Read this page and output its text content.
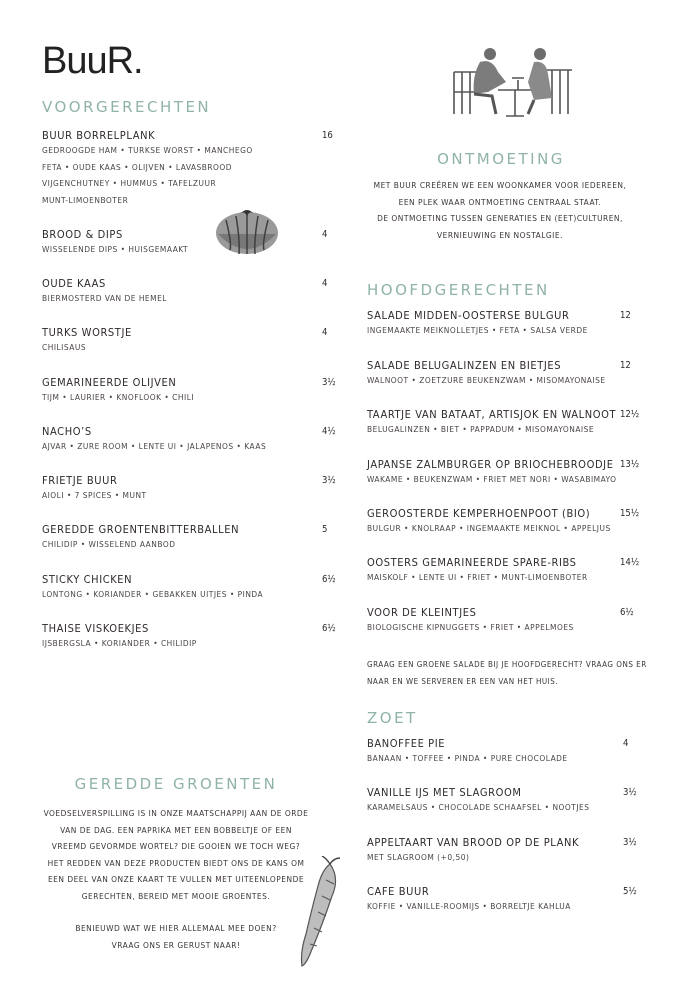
BuuR.
VOORGERECHTEN
BUUR BORRELPLANK	16
GEDROOGDE HAM • TURKSE WORST • MANCHEGO
FETA • OUDE KAAS • OLIJVEN • LAVASBROOD
VIJGENCHUTNEY • HUMMUS • TAFELZUUR
MUNT-LIMOENBOTER
BROOD & DIPS	4
WISSELENDE DIPS • HUISGEMAAKT
OUDE KAAS	4
BIERMOSTERD VAN DE HEMEL
TURKS WORSTJE	4
CHILISAUS
GEMARINEERDE OLIJVEN	3½
TIJM • LAURIER • KNOFLOOK • CHILI
NACHO’S	4½
AJVAR • ZURE ROOM • LENTE UI • JALAPENOS • KAAS
FRIETJE BUUR	3½
AIOLI • 7 SPICES • MUNT
GEREDDE GROENTENBITTERBALLEN	5
CHILIDIP • WISSELEND AANBOD
STICKY CHICKEN	6½
LONTONG • KORIANDER • GEBAKKEN UITJES • PINDA
THAISE VISKOEKJES	6½
IJSBERGSLA • KORIANDER • CHILIDIP
ONTMOETING
MET BUUR CREËREN WE EEN WOONKAMER VOOR IEDEREEN,
EEN PLEK WAAR ONTMOETING CENTRAAL STAAT.
DE ONTMOETING TUSSEN GENERATIES EN (EET)CULTUREN,
VERNIEUWING EN NOSTALGIE.
HOOFDGERECHTEN
SALADE MIDDEN-OOSTERSE BULGUR	12
INGEMAAKTE MEIKNOLLETJES • FETA • SALSA VERDE
SALADE BELUGALINZEN EN BIETJES	12
WALNOOT • ZOETZURE BEUKENZWAM • MISOMAYONAISE
TAARTJE VAN BATAAT, ARTISJOK EN WALNOOT 12½
BELUGALINZEN • BIET • PAPPADUM • MISOMAYONAISE
JAPANSE ZALMBURGER OP BRIOCHEBROODJE 13½
WAKAME • BEUKENZWAM • FRIET MET NORI • WASABIMAYO
GEROOSTERDE KEMPERHOENPOOT (BIO)	15½
BULGUR • KNOLRAAP • INGEMAAKTE MEIKNOL • APPELJUS
OOSTERS GEMARINEERDE SPARE-RIBS	14½
MAISKOLF • LENTE UI • FRIET • MUNT-LIMOENBOTER
VOOR DE KLEINTJES	6½
BIOLOGISCHE KIPNUGGETS • FRIET • APPELMOES
GRAAG EEN GROENE SALADE BIJ JE HOOFDGERECHT? VRAAG ONS ER
NAAR EN WE SERVEREN ER EEN VAN HET HUIS.
ZOET
BANOFFEE PIE	4
BANAAN • TOFFEE • PINDA • PURE CHOCOLADE
VANILLE IJS MET SLAGROOM	3½
KARAMELSAUS • CHOCOLADE SCHAAFSEL • NOOTJES
APPELTAART VAN BROOD OP DE PLANK	3½
MET SLAGROOM (+0,50)
CAFE BUUR	5½
KOFFIE • VANILLE-ROOMIJS • BORRELTJE KAHLUA
GEREDDE GROENTEN
VOEDSELVERSPILLING IS IN ONZE MAATSCHAPPIJ AAN DE ORDE
VAN DE DAG. EEN PAPRIKA MET EEN BOBBELTJE OF EEN
VREEMD GEVORMDE WORTEL? DIE GOOIEN WE TOCH WEG?
HET REDDEN VAN DEZE PRODUCTEN BIEDT ONS DE KANS OM
EEN DEEL VAN ONZE KAART TE VULLEN MET UITEENLOPENDE
GERECHTEN, BEREID MET MOOIE GROENTES.
BENIEUWD WAT WE HIER ALLEMAAL MEE DOEN?
VRAAG ONS ER GERUST NAAR!
